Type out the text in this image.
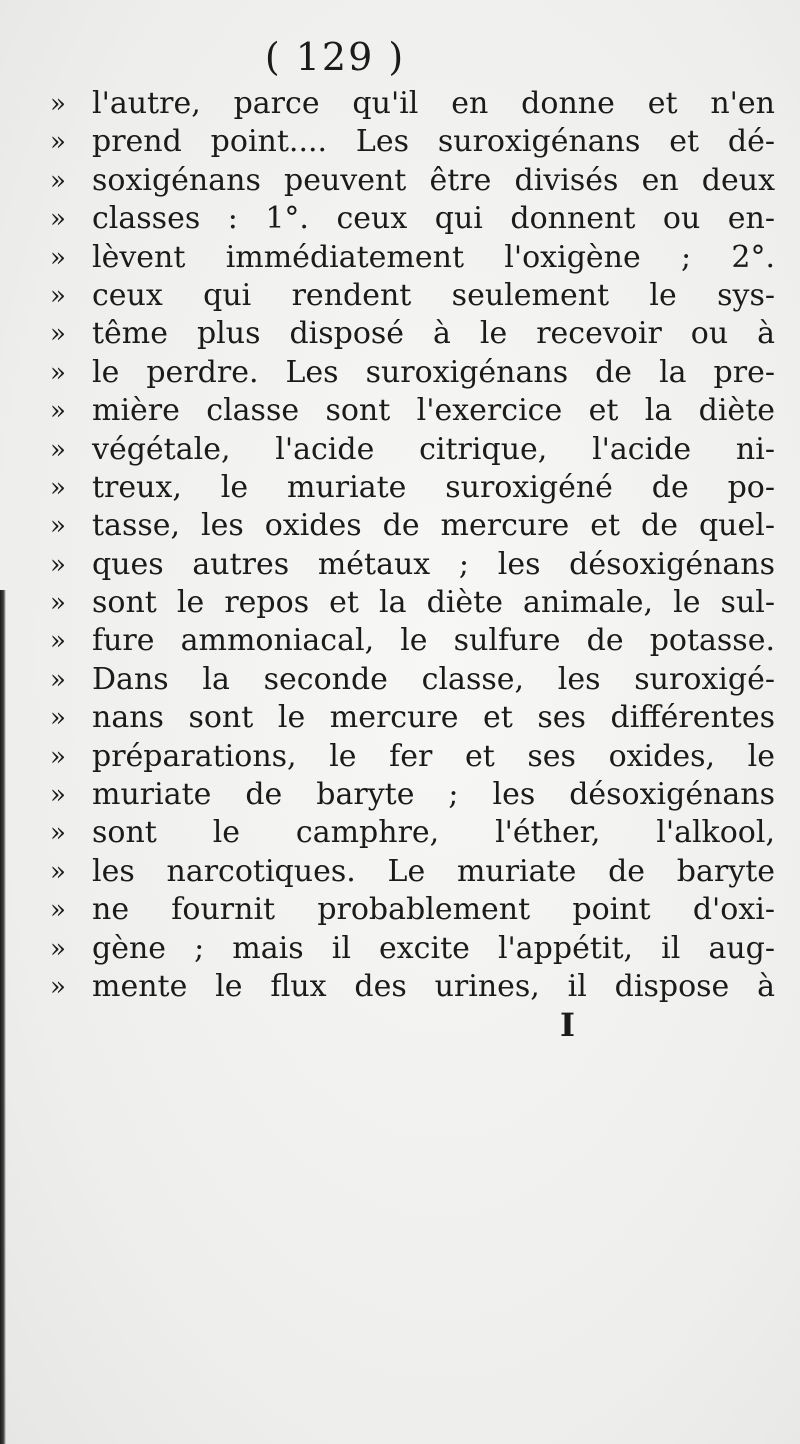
( 129 )
» l'autre, parce qu'il en donne et n'en
» prend point.... Les suroxigénans et dé-
» soxigénans peuvent être divisés en deux
» classes : 1°. ceux qui donnent ou en-
» lèvent immédiatement l'oxigène ; 2°.
» ceux qui rendent seulement le sys-
» tême plus disposé à le recevoir ou à
» le perdre. Les suroxigénans de la pre-
» mière classe sont l'exercice et la diète
» végétale, l'acide citrique, l'acide ni-
» treux, le muriate suroxigéné de po-
» tasse, les oxides de mercure et de quel-
» ques autres métaux ; les désoxigénans
» sont le repos et la diète animale, le sul-
» fure ammoniacal, le sulfure de potasse.
» Dans la seconde classe, les suroxigé-
» nans sont le mercure et ses différentes
» préparations, le fer et ses oxides, le
» muriate de baryte ; les désoxigénans
» sont le camphre, l'éther, l'alkool,
» les narcotiques. Le muriate de baryte
» ne fournit probablement point d'oxi-
» gène ; mais il excite l'appétit, il aug-
» mente le flux des urines, il dispose à
I
